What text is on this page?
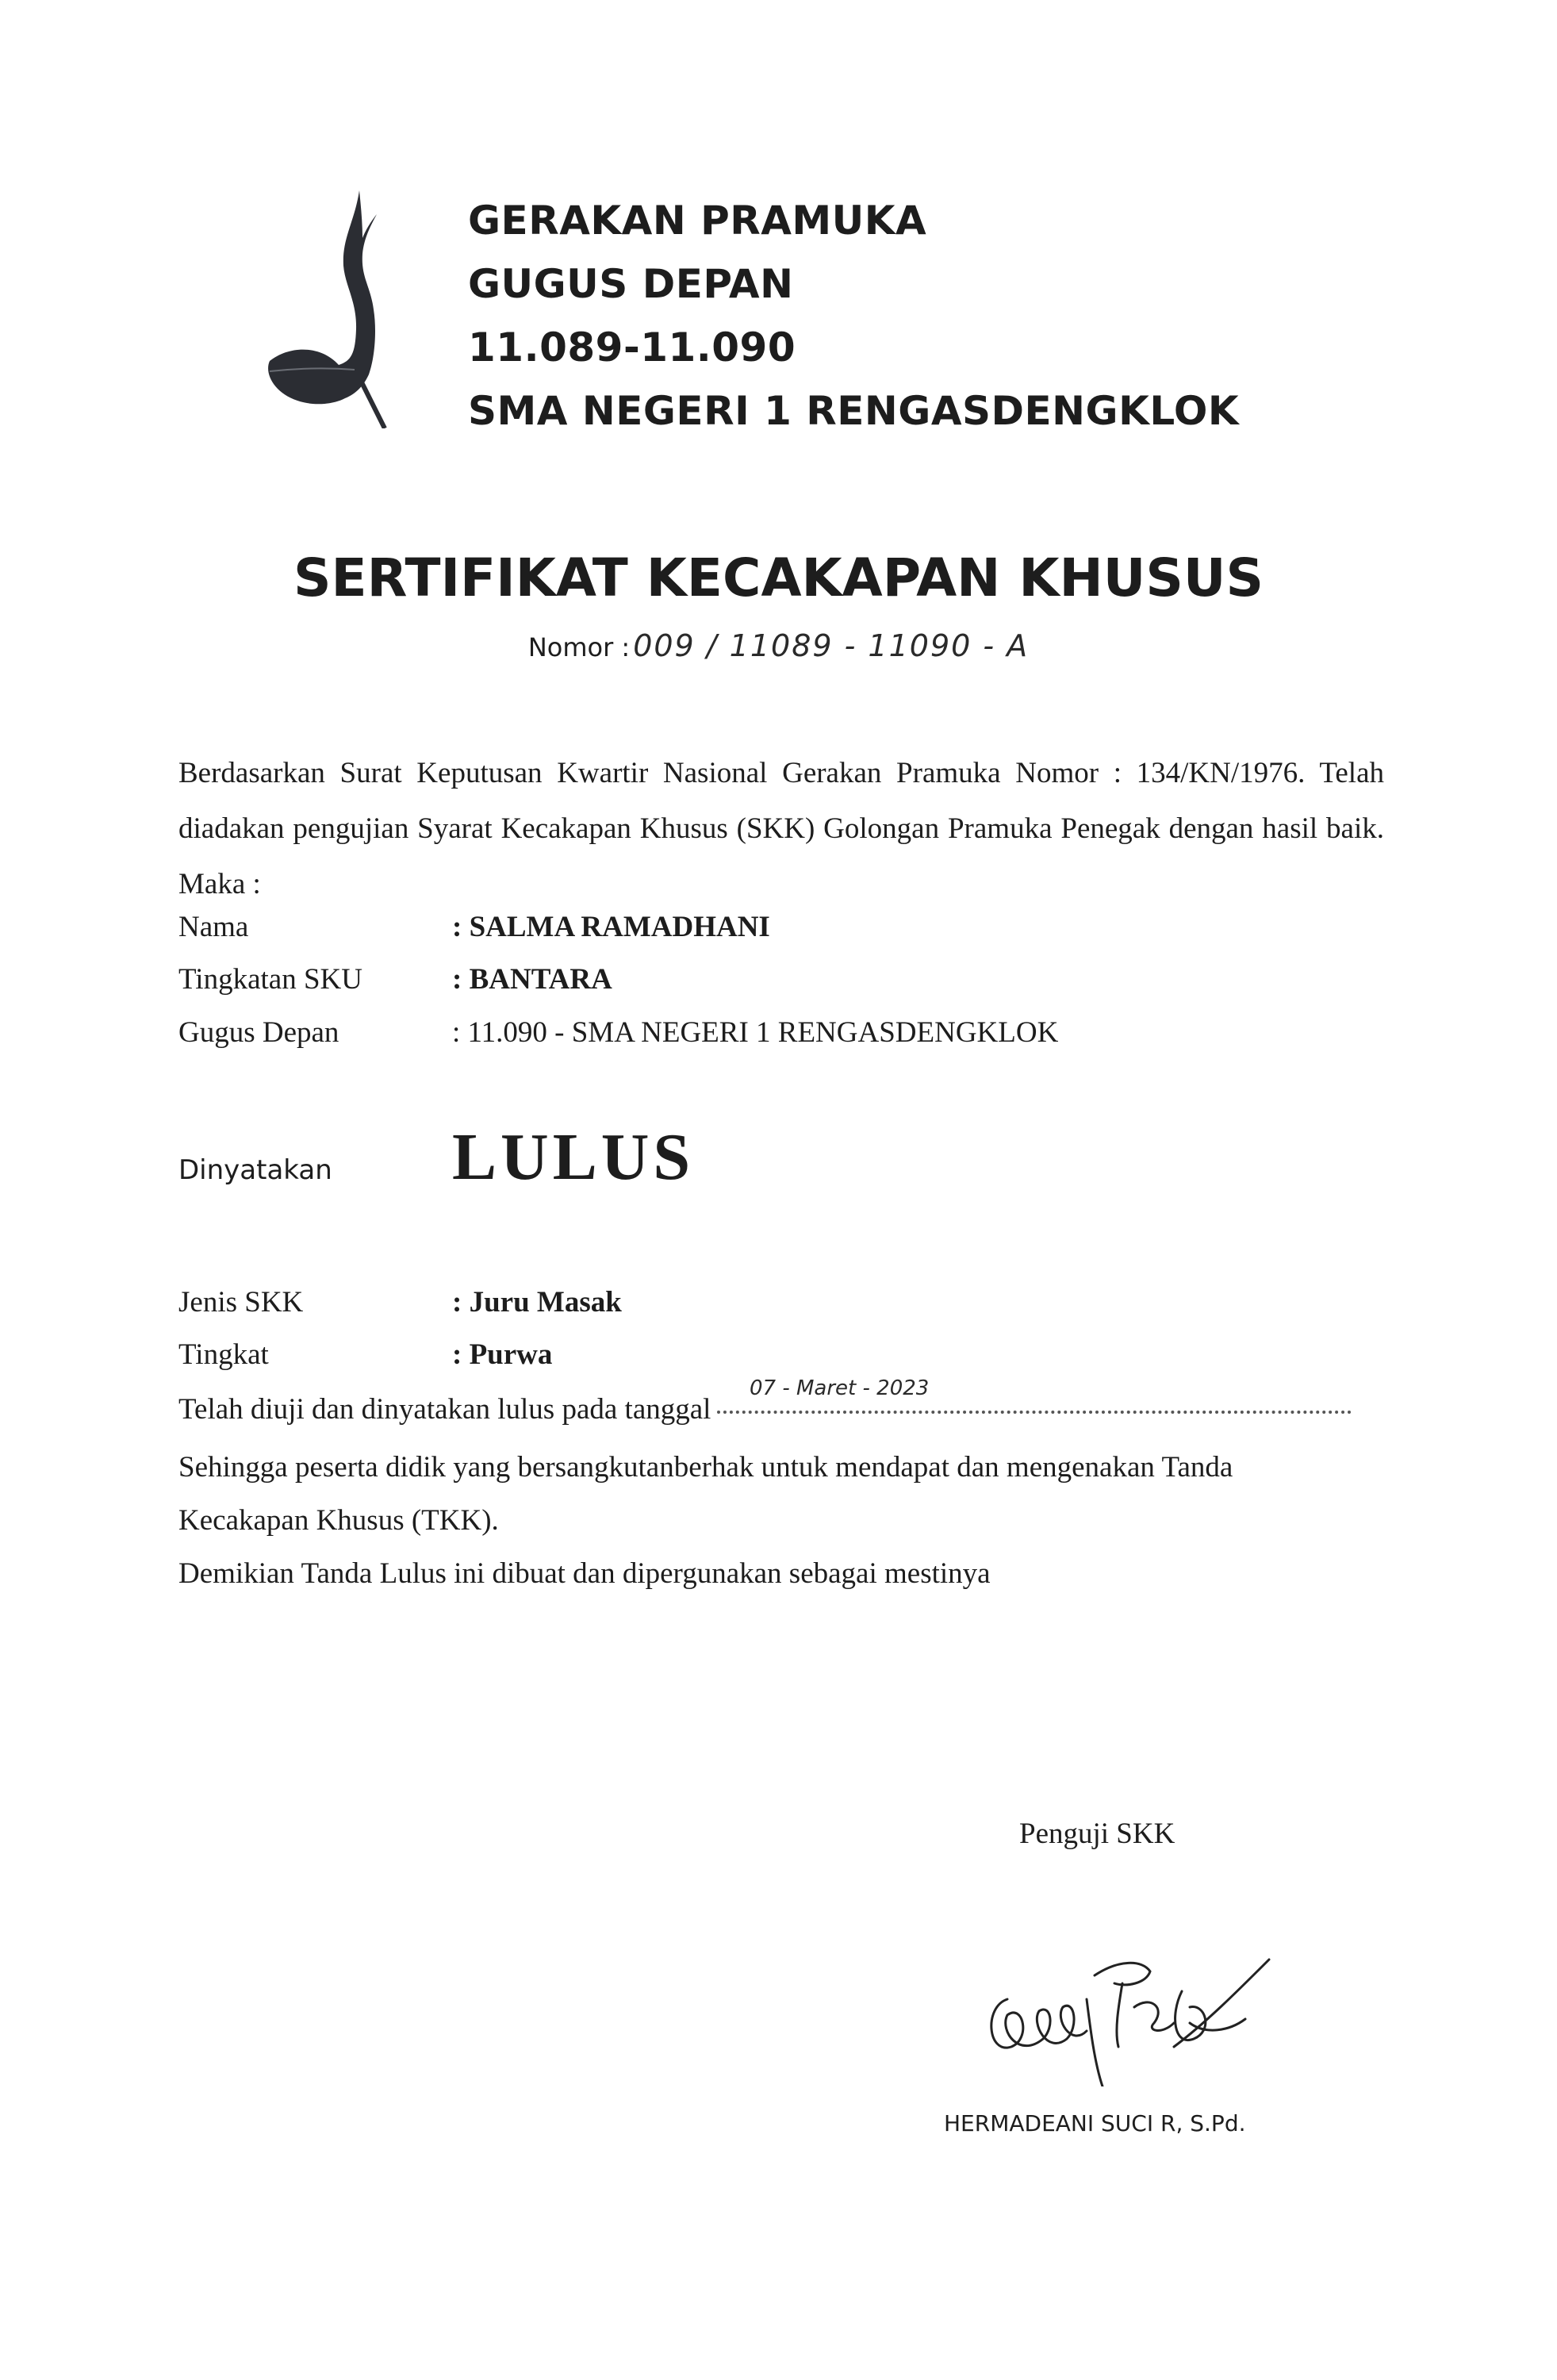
GERAKAN PRAMUKA
GUGUS DEPAN
11.089-11.090
SMA NEGERI 1 RENGASDENGKLOK
SERTIFIKAT KECAKAPAN KHUSUS
Nomor : 009 / 11089 - 11090 - A
Berdasarkan Surat Keputusan Kwartir Nasional Gerakan Pramuka Nomor : 134/KN/1976. Telah diadakan pengujian Syarat Kecakapan Khusus (SKK) Golongan Pramuka Penegak dengan hasil baik. Maka :
Nama	: SALMA RAMADHANI
Tingkatan SKU	: BANTARA
Gugus Depan	: 11.090 - SMA NEGERI 1 RENGASDENGKLOK
Dinyatakan LULUS
Jenis SKK	: Juru Masak
Tingkat	: Purwa
07 - Maret - 2023
Telah diuji dan dinyatakan lulus pada tanggal
Sehingga peserta didik yang bersangkutanberhak untuk mendapat dan mengenakan Tanda
Kecakapan Khusus (TKK).
Demikian Tanda Lulus ini dibuat dan dipergunakan sebagai mestinya
Penguji SKK
HERMADEANI SUCI R, S.Pd.
